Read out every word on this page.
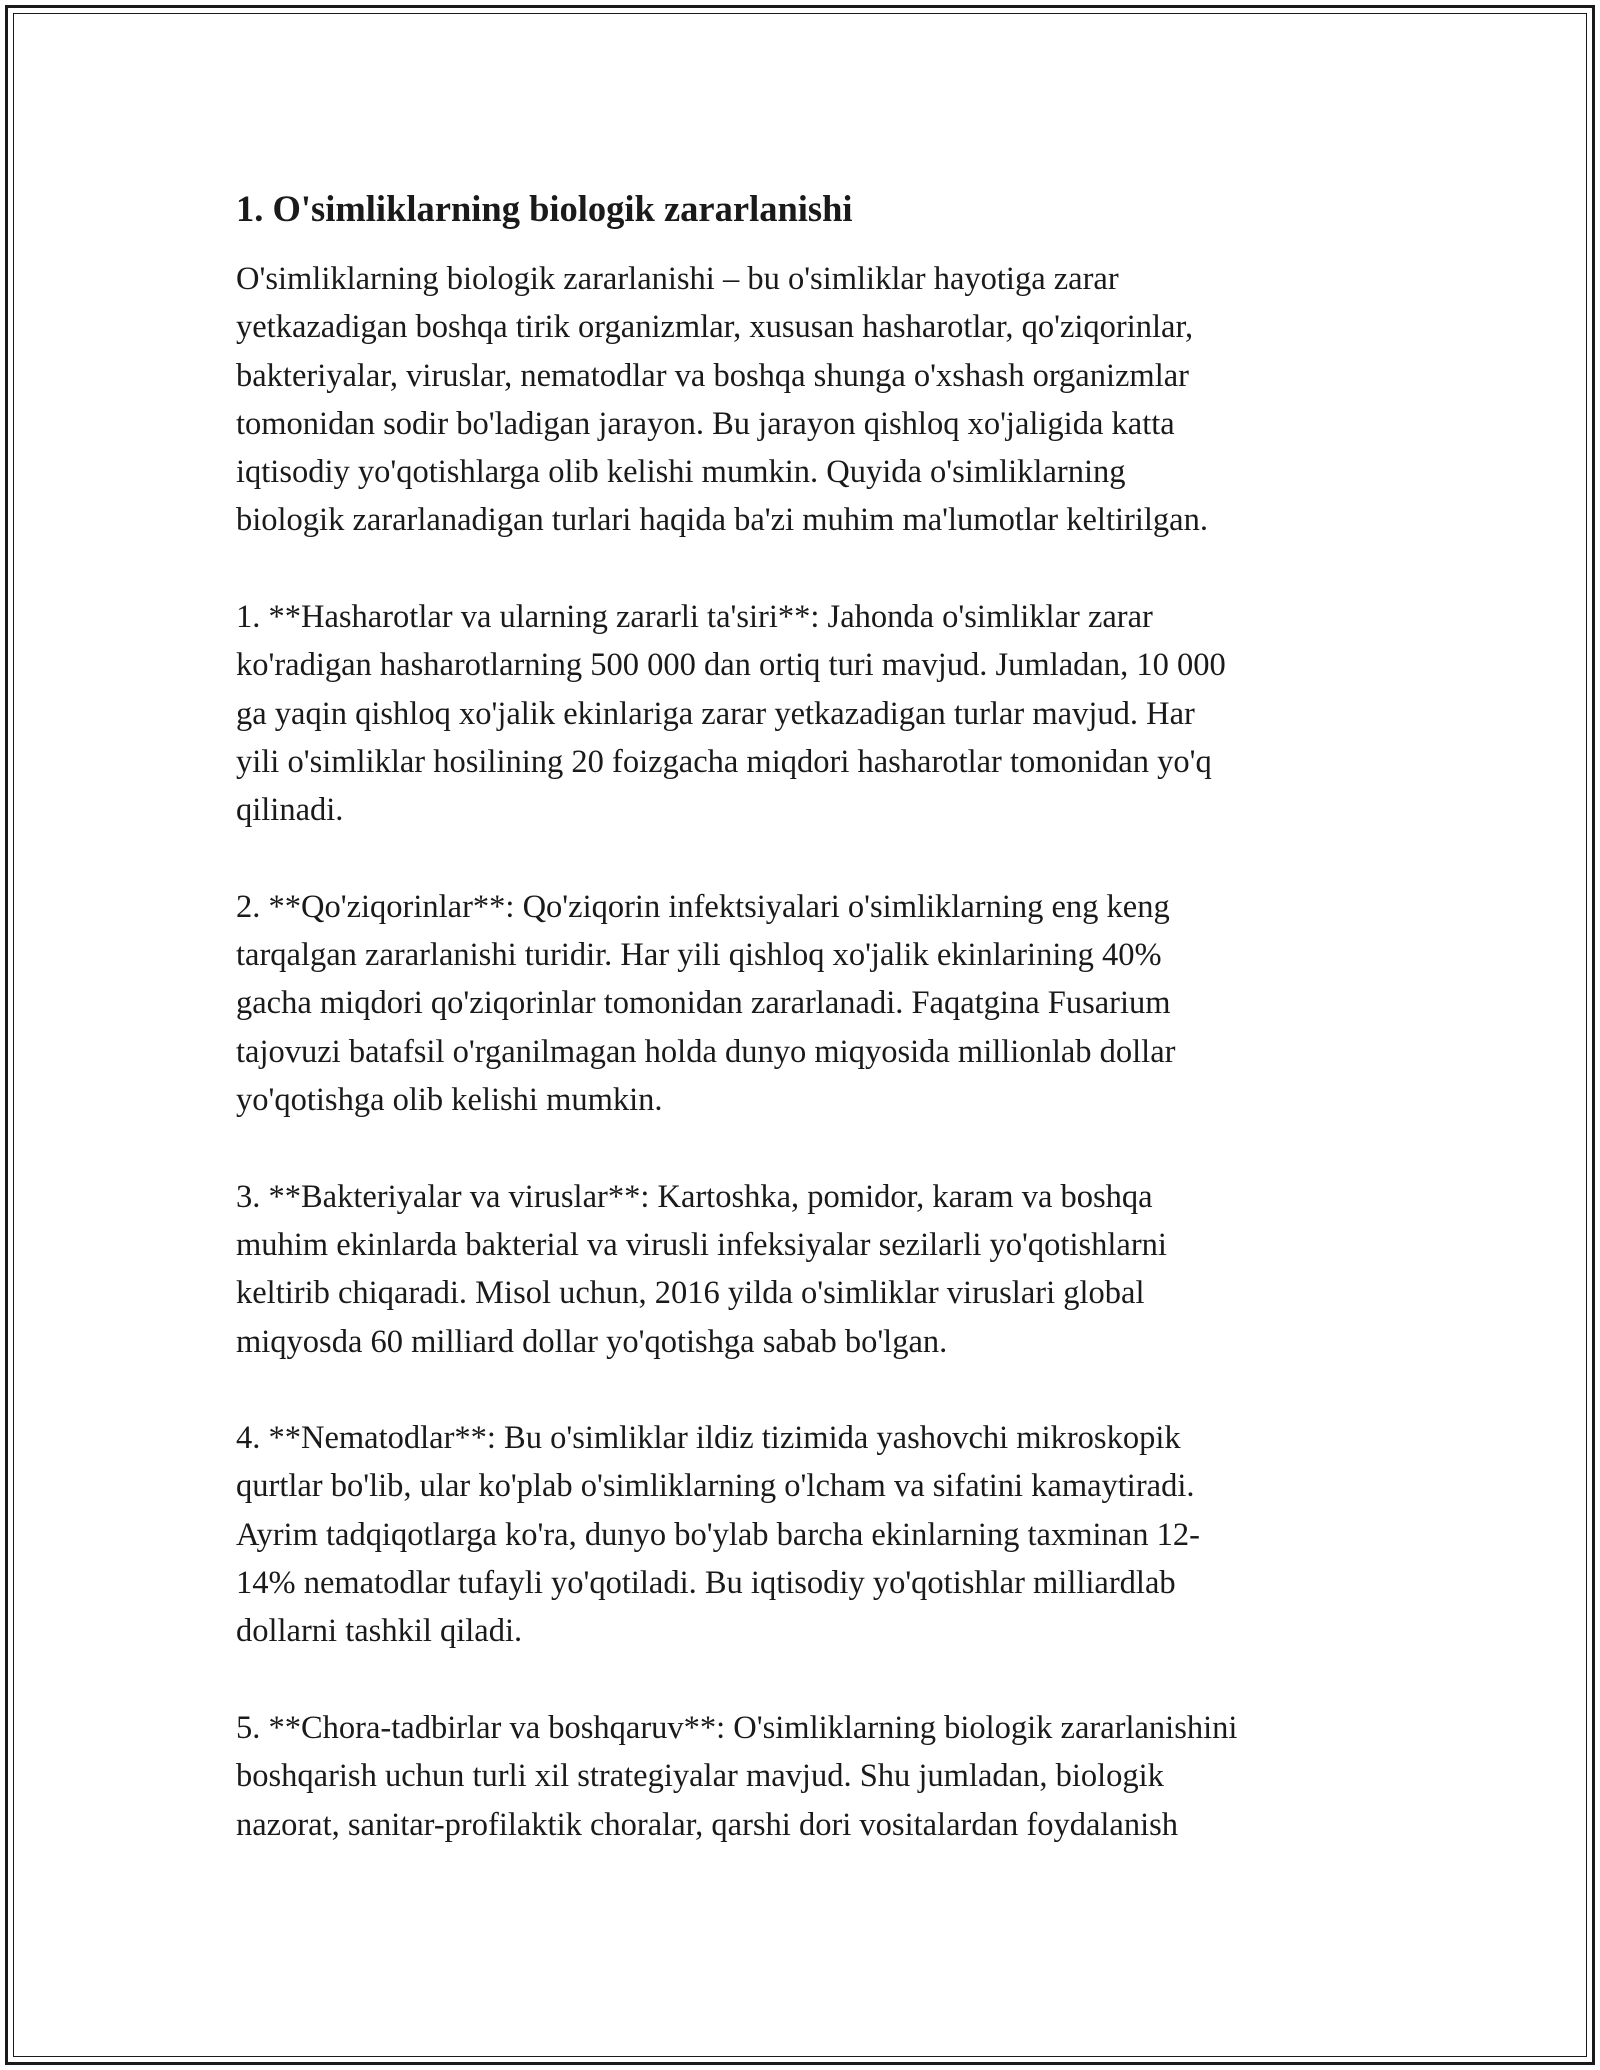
1. O'simliklarning biologik zararlanishi
O'simliklarning biologik zararlanishi – bu o'simliklar hayotiga zarar
yetkazadigan boshqa tirik organizmlar, xususan hasharotlar, qo'ziqorinlar,
bakteriyalar, viruslar, nematodlar va boshqa shunga o'xshash organizmlar
tomonidan sodir bo'ladigan jarayon. Bu jarayon qishloq xo'jaligida katta
iqtisodiy yo'qotishlarga olib kelishi mumkin. Quyida o'simliklarning
biologik zararlanadigan turlari haqida ba'zi muhim ma'lumotlar keltirilgan.
1. **Hasharotlar va ularning zararli ta'siri**: Jahonda o'simliklar zarar
ko'radigan hasharotlarning 500 000 dan ortiq turi mavjud. Jumladan, 10 000
ga yaqin qishloq xo'jalik ekinlariga zarar yetkazadigan turlar mavjud. Har
yili o'simliklar hosilining 20 foizgacha miqdori hasharotlar tomonidan yo'q
qilinadi.
2. **Qo'ziqorinlar**: Qo'ziqorin infektsiyalari o'simliklarning eng keng
tarqalgan zararlanishi turidir. Har yili qishloq xo'jalik ekinlarining 40%
gacha miqdori qo'ziqorinlar tomonidan zararlanadi. Faqatgina Fusarium
tajovuzi batafsil o'rganilmagan holda dunyo miqyosida millionlab dollar
yo'qotishga olib kelishi mumkin.
3. **Bakteriyalar va viruslar**: Kartoshka, pomidor, karam va boshqa
muhim ekinlarda bakterial va virusli infeksiyalar sezilarli yo'qotishlarni
keltirib chiqaradi. Misol uchun, 2016 yilda o'simliklar viruslari global
miqyosda 60 milliard dollar yo'qotishga sabab bo'lgan.
4. **Nematodlar**: Bu o'simliklar ildiz tizimida yashovchi mikroskopik
qurtlar bo'lib, ular ko'plab o'simliklarning o'lcham va sifatini kamaytiradi.
Ayrim tadqiqotlarga ko'ra, dunyo bo'ylab barcha ekinlarning taxminan 12-
14% nematodlar tufayli yo'qotiladi. Bu iqtisodiy yo'qotishlar milliardlab
dollarni tashkil qiladi.
5. **Chora-tadbirlar va boshqaruv**: O'simliklarning biologik zararlanishini
boshqarish uchun turli xil strategiyalar mavjud. Shu jumladan, biologik
nazorat, sanitar-profilaktik choralar, qarshi dori vositalardan foydalanish
